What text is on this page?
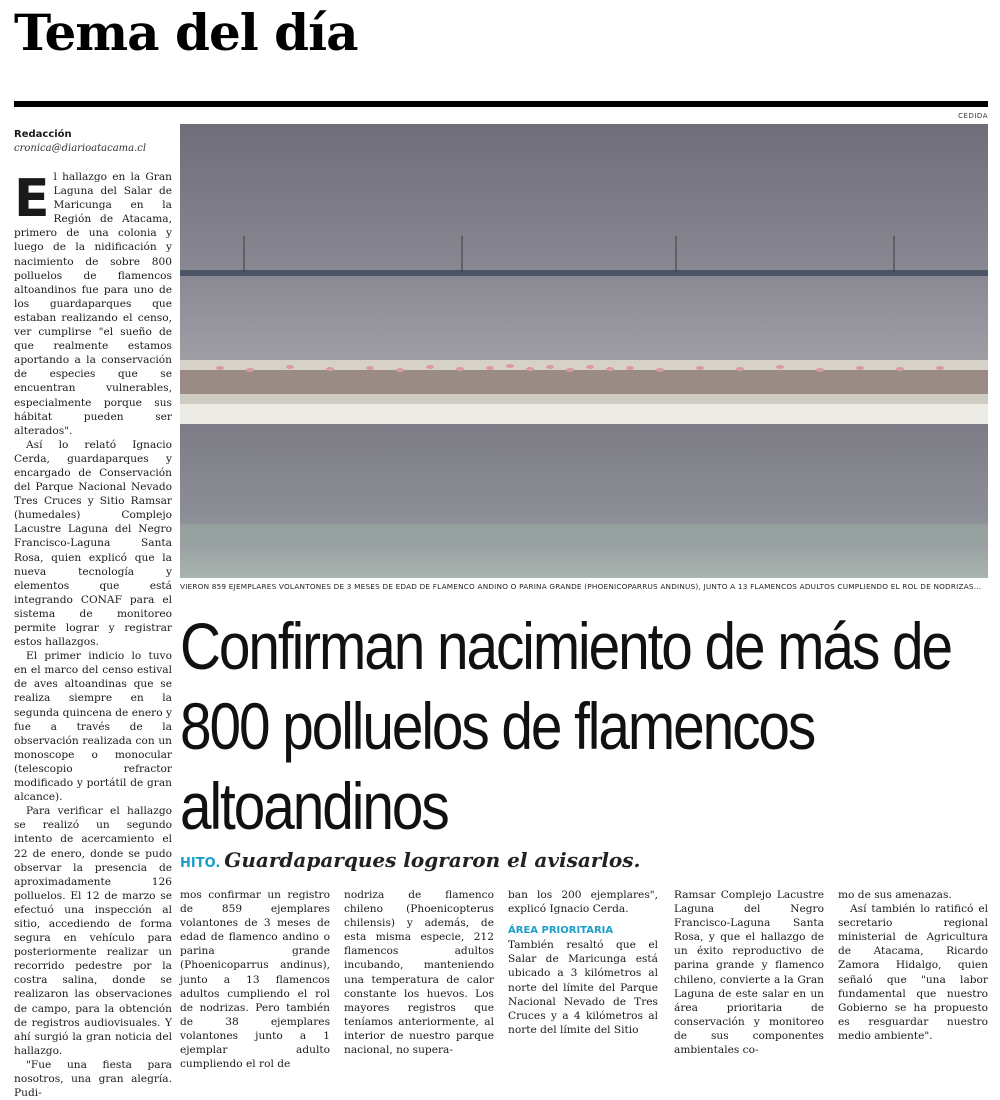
Tema del día
CEDIDA
Redacción
cronica@diarioatacama.cl

El hallazgo en la Gran Laguna del Salar de Maricunga en la Región de Atacama, primero de una colonia y luego de la nidificación y nacimiento de sobre 800 polluelos de flamencos altoandinos fue para uno de los guardaparques que estaban realizando el censo, ver cumplirse "el sueño de que realmente estamos aportando a la conservación de especies que se encuentran vulnerables, especialmente porque sus hábitat pueden ser alterados".

Así lo relató Ignacio Cerda, guardaparques y encargado de Conservación del Parque Nacional Nevado Tres Cruces y Sitio Ramsar (humedales) Complejo Lacustre Laguna del Negro Francisco-Laguna Santa Rosa, quien explicó que la nueva tecnología y elementos que está integrando CONAF para el sistema de monitoreo permite lograr y registrar estos hallazgos.

El primer indicio lo tuvo en el marco del censo estival de aves altoandinas que se realiza siempre en la segunda quincena de enero y fue a través de la observación realizada con un monoscope o monocular (telescopio refractor modificado y portátil de gran alcance).

Para verificar el hallazgo se realizó un segundo intento de acercamiento el 22 de enero, donde se pudo observar la presencia de aproximadamente 126 polluelos. El 12 de marzo se efectuó una inspección al sitio, accediendo de forma segura en vehículo para posteriormente realizar un recorrido pedestre por la costra salina, donde se realizaron las observaciones de campo, para la obtención de registros audiovisuales. Y ahí surgió la gran noticia del hallazgo.

"Fue una fiesta para nosotros, una gran alegría. Pudi-

VIERON 859 EJEMPLARES VOLANTONES DE 3 MESES DE EDAD DE FLAMENCO ANDINO O PARINA GRANDE (PHOENICOPARRUS ANDINUS), JUNTO A 13 FLAMENCOS ADULTOS CUMPLIENDO EL ROL DE NODRIZAS...
Confirman nacimiento de más de 800 polluelos de flamencos altoandinos
HITO. Guardaparques lograron el avisarlos.

mos confirmar un registro de 859 ejemplares volantones de 3 meses de edad de flamenco andino o parina grande (Phoenicoparrus andinus), junto a 13 flamencos adultos cumpliendo el rol de nodrizas. Pero también de 38 ejemplares volantones junto a 1 ejemplar adulto cumpliendo el rol de

nodriza de flamenco chileno (Phoenicopterus chilensis) y además, de esta misma especie, 212 flamencos adultos incubando, manteniendo una temperatura de calor constante los huevos. Los mayores registros que teníamos anteriormente, al interior de nuestro parque nacional, no supera-

ban los 200 ejemplares", explicó Ignacio Cerda.

ÁREA PRIORITARIA

También resaltó que el Salar de Maricunga está ubicado a 3 kilómetros al norte del límite del Parque Nacional Nevado de Tres Cruces y a 4 kilómetros al norte del límite del Sitio

Ramsar Complejo Lacustre Laguna del Negro Francisco-Laguna Santa Rosa, y que el hallazgo de un éxito reproductivo de parina grande y flamenco chileno, convierte a la Gran Laguna de este salar en un área prioritaria de conservación y monitoreo de sus componentes ambientales co-

mo de sus amenazas.

Así también lo ratificó el secretario regional ministerial de Agricultura de Atacama, Ricardo Zamora Hidalgo, quien señaló que "una labor fundamental que nuestro Gobierno se ha propuesto es resguardar nuestro medio ambiente".
